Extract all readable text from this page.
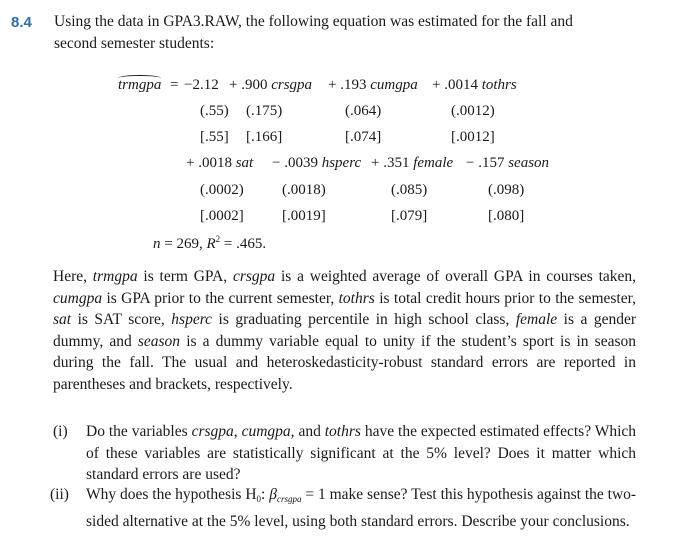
8.4 Using the data in GPA3.RAW, the following equation was estimated for the fall and
second semester students:
trmgpa = −2.12 + .900 crsgpa + .193 cumgpa + .0014 tothrs
(.55) (.175)	(.064)	(.0012)
[.55] [.166]	[.074]	[.0012]
+ .0018 sat − .0039 hsperc + .351 female − .157 season
(.0002)	(.0018)	(.085)	(.098)
[.0002]	[.0019]	[.079]	[.080]
n = 269, $R^2 = .465$.
Here, trmgpa is term GPA, crsgpa is a weighted average of overall GPA in courses taken, cumgpa is GPA prior to the current semester, tothrs is total credit hours prior to the semester, sat is SAT score, hsperc is graduating percentile in high school class, female is a gender dummy, and season is a dummy variable equal to unity if the student’s sport is in season during the fall. The usual and heteroskedasticity-robust standard errors are reported in parentheses and brackets, respectively.
(i) Do the variables crsgpa, cumgpa, and tothrs have the expected estimated effects? Which of these variables are statistically significant at the 5% level? Does it matter which standard errors are used?
(ii) Why does the hypothesis $H_0$: $\beta_{crsgpa} = 1$ make sense? Test this hypothesis against the two-sided alternative at the 5% level, using both standard errors. Describe your conclusions.
